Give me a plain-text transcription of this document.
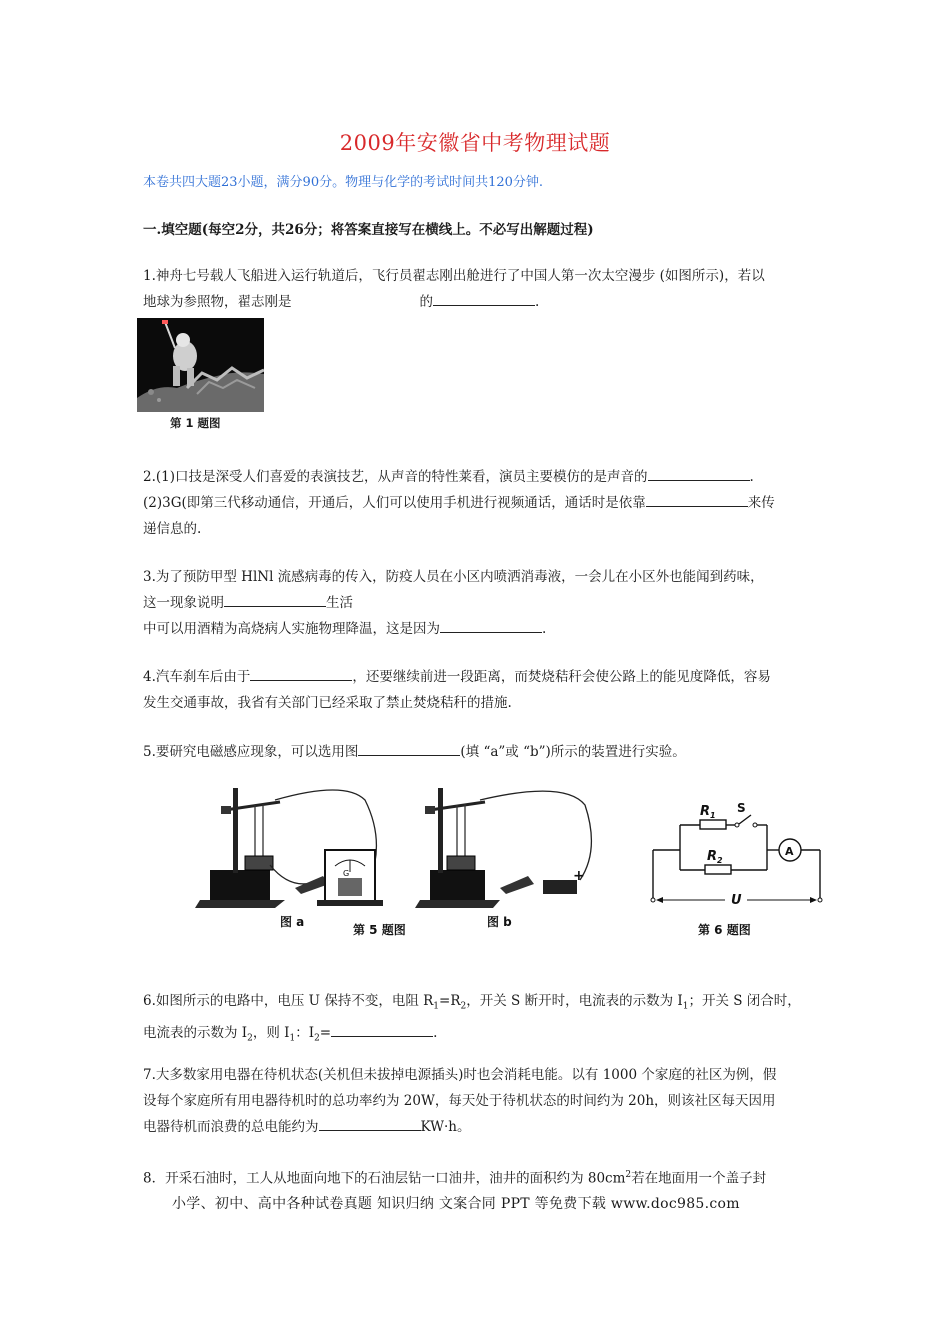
2009年安徽省中考物理试题
本卷共四大题23小题，满分90分。物理与化学的考试时间共120分钟.
一.填空题(每空2分，共26分；将答案直接写在横线上。不必写出解题过程)
1.神舟七号载人飞船进入运行轨道后，飞行员翟志刚出舱进行了中国人第一次太空漫步 (如图所示)，若以
地球为参照物，翟志刚是	的	.
第 1 题图
2.(1)口技是深受人们喜爱的表演技艺，从声音的特性莱看，演员主要模仿的是声音的	.
(2)3G(即第三代移动通信，开通后，人们可以使用手机进行视频通话，通话时是依靠	来传
递信息的.
3.为了预防甲型 HlNl 流感病毒的传入，防疫人员在小区内喷洒消毒液，一会儿在小区外也能闻到药味，
这一现象说明	生活
中可以用酒精为高烧病人实施物理降温，这是因为	.
4.汽车刹车后由于	，还要继续前进一段距离，而焚烧秸秆会使公路上的能见度降低，容易
发生交通事故，我省有关部门已经采取了禁止焚烧秸秆的措施.
5.要研究电磁感应现象，可以选用图	(填 “a”或 “b”)所示的装置进行实验。
G
图 a
第 5 题图
+
图 b
$R_1$
$R_2$
S
A
U
第 6 题图
6.如图所示的电路中，电压 U 保持不变，电阻 $R_1=R_2$，开关 S 断开时，电流表的示数为 $I_1$；开关 S 闭合时，
电流表的示数为 $I_2$，则 $I_1$：$I_2=$	.
7.大多数家用电器在待机状态(关机但未拔掉电源插头)时也会消耗电能。以有 1000 个家庭的社区为例，假
设每个家庭所有用电器待机时的总功率约为 20W，每天处于待机状态的时间约为 20h，则该社区每天因用
电器待机而浪费的总电能约为	KW·h。
8．开采石油时，工人从地面向地下的石油层钻一口油井，油井的面积约为 $80cm^2$若在地面用一个盖子封
小学、初中、高中各种试卷真题 知识归纳 文案合同 PPT 等免费下载 www.doc985.com
